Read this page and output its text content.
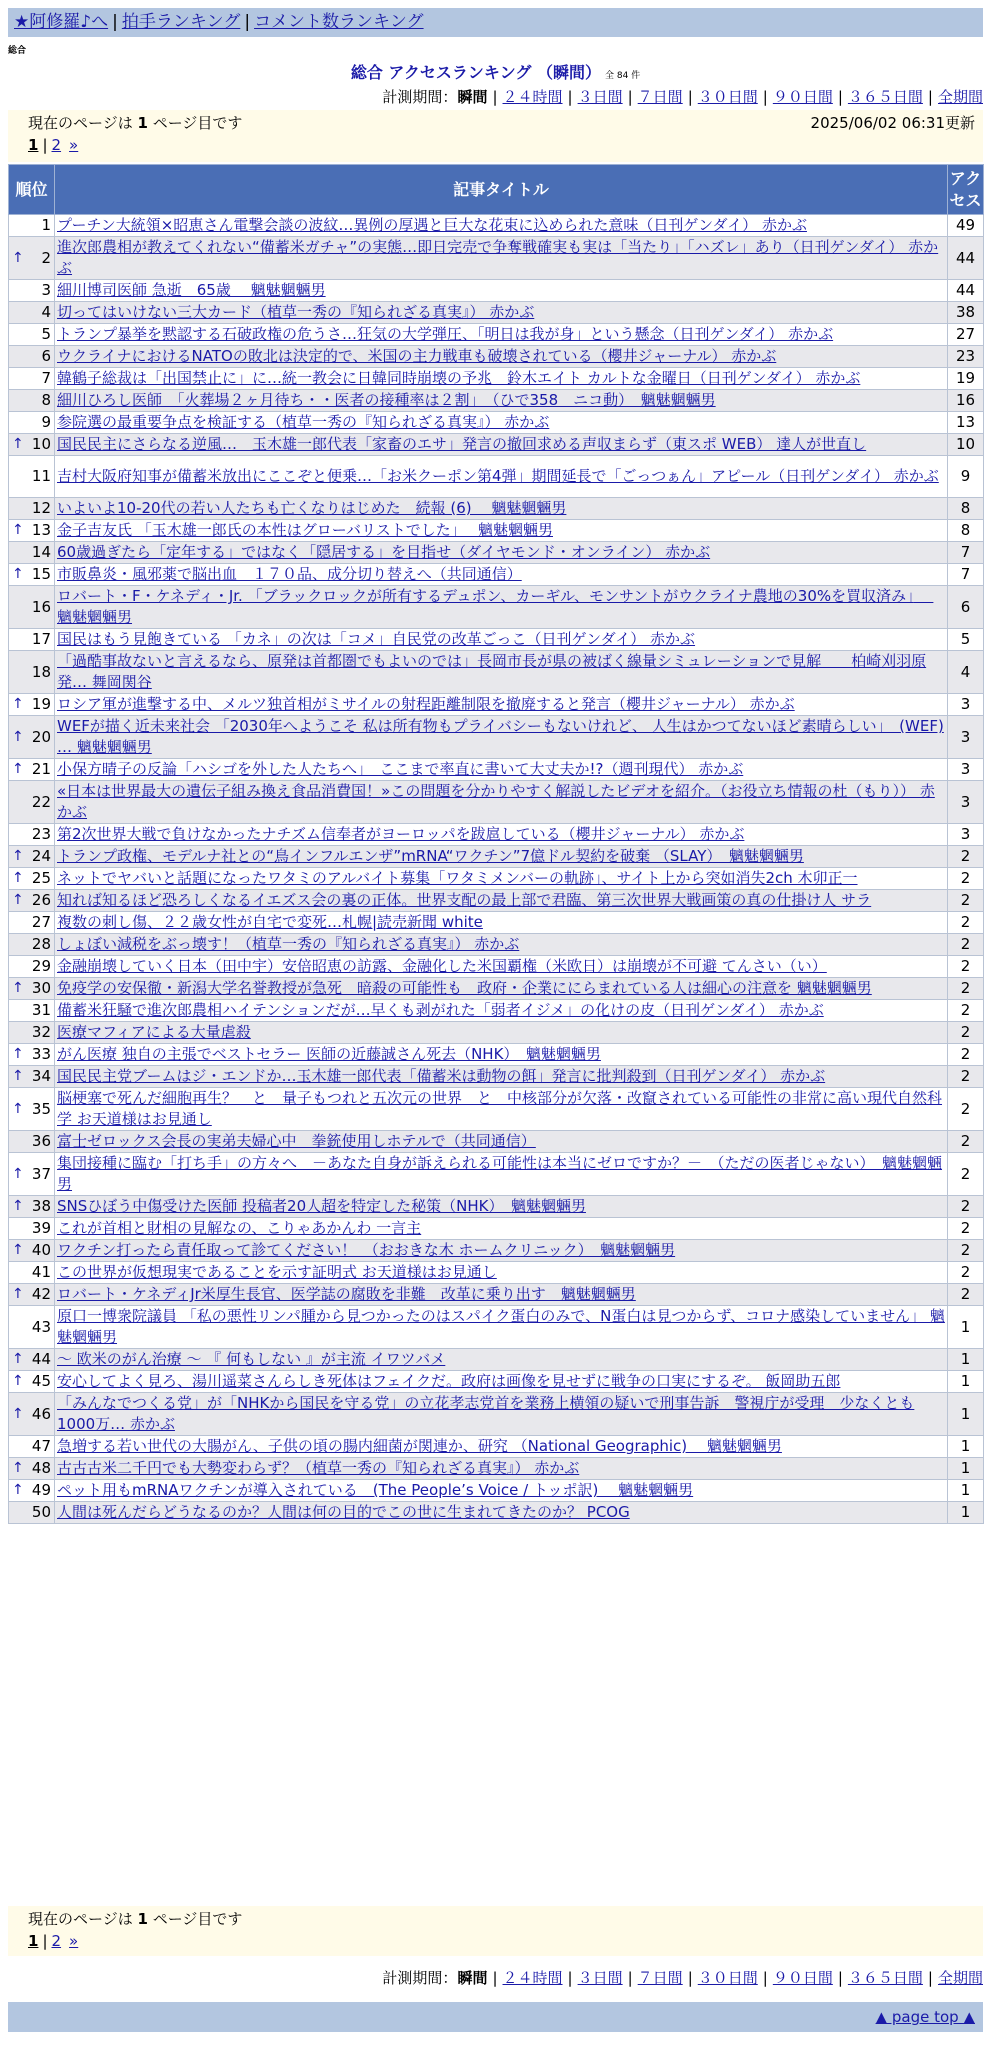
★阿修羅♪へ | 拍手ランキング | コメント数ランキング
総合
総合 アクセスランキング （瞬間） 全 84 件
計測期間：瞬間 | ２４時間 | ３日間 | ７日間 | ３０日間 | ９０日間 | ３６５日間 | 全期間
現在のページは 1 ページ目です	2025/06/02 06:31更新
1 | 2 »
順位	記事タイトル	アクセス
1	プーチン大統領×昭恵さん電撃会談の波紋…異例の厚遇と巨大な花束に込められた意味（日刊ゲンダイ） 赤かぶ	49

↑ 2	進次郎農相が教えてくれない“備蓄米ガチャ”の実態…即日完売で争奪戦確実も実は「当たり」「ハズレ」あり（日刊ゲンダイ） 赤かぶ	44
3	細川博司医師 急逝　65歳　 魑魅魍魎男	44
4	切ってはいけない三大カード（植草一秀の『知られざる真実』） 赤かぶ	38
5	トランプ暴挙を黙認する石破政権の危うさ…狂気の大学弾圧、「明日は我が身」という懸念（日刊ゲンダイ） 赤かぶ	27
6	ウクライナにおけるNATOの敗北は決定的で、米国の主力戦車も破壊されている（櫻井ジャーナル） 赤かぶ	23
7	韓鶴子総裁は「出国禁止に」に…統一教会に日韓同時崩壊の予兆　鈴木エイト カルトな金曜日（日刊ゲンダイ） 赤かぶ	19
8	細川ひろし医師　「火葬場２ヶ月待ち・・医者の接種率は２割」　（ひで358　ニコ動）　魑魅魍魎男	16
9	参院選の最重要争点を検証する（植草一秀の『知られざる真実』） 赤かぶ	13

↑ 10	国民民主にさらなる逆風…　玉木雄一郎代表「家畜のエサ」発言の撤回求める声収まらず（東スポ WEB） 達人が世直し	10
11	吉村大阪府知事が備蓄米放出にここぞと便乗…「お米クーポン第4弾」期間延長で「ごっつぁん」アピール（日刊ゲンダイ） 赤かぶ	9
12	いよいよ10-20代の若い人たちも亡くなりはじめた　続報 (6)　 魑魅魍魎男	8

↑ 13	金子吉友氏 「玉木雄一郎氏の本性はグローバリストでした」　 魑魅魍魎男	8
14	60歳過ぎたら「定年する」ではなく「隠居する」を目指せ（ダイヤモンド・オンライン） 赤かぶ	7

↑ 15	市販鼻炎・風邪薬で脳出血　１７０品、成分切り替えへ（共同通信）	7
16	ロバート・F・ケネディ・Jr. 「ブラックロックが所有するデュポン、カーギル、モンサントがウクライナ農地の30%を買収済み」　 魑魅魍魎男	6
17	国民はもう見飽きている 「カネ」の次は「コメ」自民党の改革ごっこ（日刊ゲンダイ） 赤かぶ	5
18	「過酷事故ないと言えるなら、原発は首都圏でもよいのでは」長岡市長が県の被ばく線量シミュレーションで見解　　柏崎刈羽原発… 舞岡関谷	4

↑ 19	ロシア軍が進撃する中、メルツ独首相がミサイルの射程距離制限を撤廃すると発言（櫻井ジャーナル） 赤かぶ	3

↑ 20	WEFが描く近未来社会 「2030年へようこそ 私は所有物もプライバシーもないけれど、 人生はかつてないほど素晴らしい」　(WEF) … 魑魅魍魎男	3

↑ 21	小保方晴子の反論「ハシゴを外した人たちへ」　ここまで率直に書いて大丈夫か!?（週刊現代） 赤かぶ	3
22	«日本は世界最大の遺伝子組み換え食品消費国！»この問題を分かりやすく解説したビデオを紹介。（お役立ち情報の杜（もり）） 赤かぶ	3
23	第2次世界大戦で負けなかったナチズム信奉者がヨーロッパを跋扈している（櫻井ジャーナル） 赤かぶ	3

↑ 24	トランプ政権、モデルナ社との“鳥インフルエンザ”mRNA“ワクチン”7億ドル契約を破棄 （SLAY）　魑魅魍魎男	2

↑ 25	ネットでヤバいと話題になったワタミのアルバイト募集「ワタミメンバーの軌跡」、サイト上から突如消失2ch 木卯正一	2

↑ 26	知れば知るほど恐ろしくなるイエズス会の裏の正体。世界支配の最上部で君臨、第三次世界大戦画策の真の仕掛け人 サラ	2
27	複数の刺し傷、２２歳女性が自宅で変死…札幌|読売新聞 white	2
28	しょぼい減税をぶっ壊す！（植草一秀の『知られざる真実』） 赤かぶ	2
29	金融崩壊していく日本（田中宇）安倍昭恵の訪露、金融化した米国覇権（米欧日）は崩壊が不可避 てんさい（い）	2

↑ 30	免疫学の安保徹・新潟大学名誉教授が急死　暗殺の可能性も　政府・企業ににらまれている人は細心の注意を 魑魅魍魎男	2
31	備蓄米狂騒で進次郎農相ハイテンションだが…早くも剥がれた「弱者イジメ」の化けの皮（日刊ゲンダイ） 赤かぶ	2
32	医療マフィアによる大量虐殺	2

↑ 33	がん医療 独自の主張でベストセラー 医師の近藤誠さん死去（NHK）　魑魅魍魎男	2

↑ 34	国民民主党ブームはジ・エンドか…玉木雄一郎代表「備蓄米は動物の餌」発言に批判殺到（日刊ゲンダイ） 赤かぶ	2

↑ 35	脳梗塞で死んだ細胞再生？　と　量子もつれと五次元の世界　と　中核部分が欠落・改竄されている可能性の非常に高い現代自然科学 お天道様はお見通し	2
36	富士ゼロックス会長の実弟夫婦心中　拳銃使用しホテルで（共同通信）	2

↑ 37	集団接種に臨む「打ち手」の方々へ　－あなた自身が訴えられる可能性は本当にゼロですか？－　（ただの医者じゃない）　魑魅魍魎男	2

↑ 38	SNSひぼう中傷受けた医師 投稿者20人超を特定した秘策（NHK）　魑魅魍魎男	2
39	これが首相と財相の見解なの、こりゃあかんわ 一言主	2

↑ 40	ワクチン打ったら責任取って診てください！　（おおきな木 ホームクリニック）　魑魅魍魎男	2
41	この世界が仮想現実であることを示す証明式 お天道様はお見通し	2

↑ 42	ロバート・ケネディJr米厚生長官、医学誌の腐敗を非難　改革に乗り出す　魑魅魍魎男	2
43	原口一博衆院議員 「私の悪性リンパ腫から見つかったのはスパイク蛋白のみで、N蛋白は見つからず、コロナ感染していません」 魑魅魍魎男	1

↑ 44	～ 欧米のがん治療 ～ 『 何もしない 』が主流 イワツバメ	1

↑ 45	安心してよく見ろ、湯川遥菜さんらしき死体はフェイクだ。政府は画像を見せずに戦争の口実にするぞ。 飯岡助五郎	1

↑ 46	「みんなでつくる党」が「NHKから国民を守る党」の立花孝志党首を業務上横領の疑いで刑事告訴　警視庁が受理　少なくとも1000万… 赤かぶ	1
47	急増する若い世代の大腸がん、子供の頃の腸内細菌が関連か、研究 （National Geographic)　 魑魅魍魎男	1

↑ 48	古古古米二千円でも大勢変わらず？（植草一秀の『知られざる真実』） 赤かぶ	1

↑ 49	ペット用もmRNAワクチンが導入されている　(The People’s Voice / トッポ訳)　 魑魅魍魎男	1
50	人間は死んだらどうなるのか？人間は何の目的でこの世に生まれてきたのか？ PCOG	1
現在のページは 1 ページ目です
1 | 2 »
計測期間：瞬間 | ２４時間 | ３日間 | ７日間 | ３０日間 | ９０日間 | ３６５日間 | 全期間
▲ page top ▲
